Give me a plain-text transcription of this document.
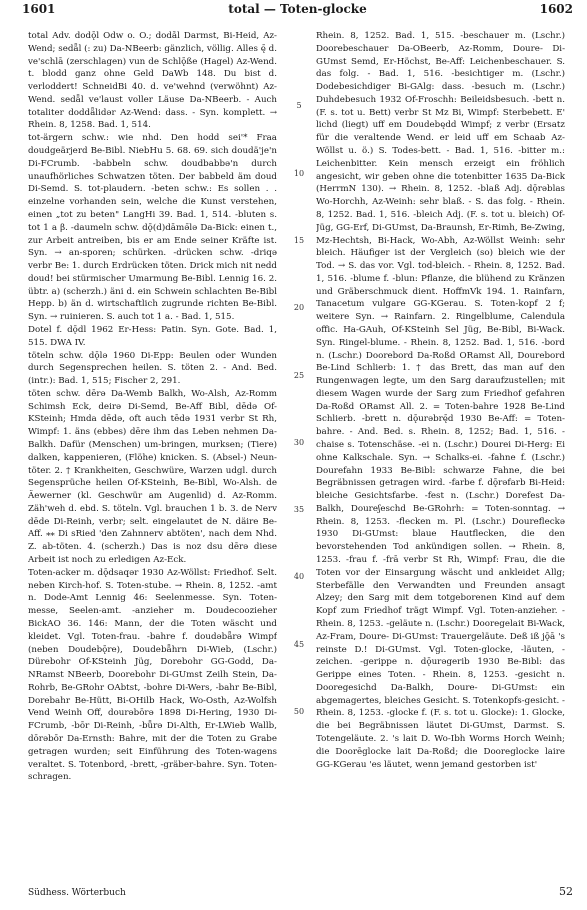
1601	total — Toten-glocke	1602

total Adv. dodǭl Odw o. O.; dodā̇l Darmst, Bi-Heid, Az-Wend; sedǟl (: zu) Da-NBeerb: gänzlich, völlig. Alles ę̄ d. ve'schlā (zerschlagen) vun de Schlǭße (Hagel) Az-Wend. t. blodd ganz ohne Geld DaWb 148. Du bist d. verloddert! SchneidBi 40. d. ve'wehnd (verwöhnt) Az-Wend. sedǟl ve'laust voller Läuse Da-NBeerb. - Auch totaliter doddǟlidǝr Az-Wend: dass. - Syn. komplett. → Rhein. 8, 1258. Bad. 1, 514.

tot-ärgern schw.: wie nhd. Den hodd sei'* Fraa doudgeärjerd Be-Bibl. NiebHu 5. 68. 69. sich doudä'je'n Di-FCrumb. -babbeln schw. doudbabbǝ'n durch unaufhörliches Schwatzen töten. Der babbeld äm doud Di-Semd. S. tot-plaudern. -beten schw.: Es sollen . . einzelne vorhanden sein, welche die Kunst verstehen, einen „tot zu beten" LangHi 39. Bad. 1, 514. -bluten s. tot 1 a β. -daumeln schw. dǭ(d)dāmǝ̄lǝ Da-Bick: einen t., zur Arbeit antreiben, bis er am Ende seiner Kräfte ist. Syn. → an-sporen; schürken. -drücken schw. -driqǝ verbr Be: 1. durch Erdrücken töten. Drick mich nit nedd doud! bei stürmischer Umarmung Be-Bibl. Lennig 16. 2. übtr. a) (scherzh.) äni d. ein Schwein schlachten Be-Bibl Hepp. b) än d. wirtschaftlich zugrunde richten Be-Bibl. Syn. → ruinieren. S. auch tot 1 a. - Bad. 1, 515.

Dotel f. dǭdl 1962 Er-Hess: Patin. Syn. Gote. Bad. 1, 515. DWA IV.

töteln schw. dǭlǝ 1960 Di-Epp: Beulen oder Wunden durch Segensprechen heilen. S. töten 2. - And. Bed. (intr.): Bad. 1, 515; Fischer 2, 291.

töten schw. dērǝ Da-Wemb Balkh, Wo-Alsh, Az-Romm Schimsh Eck, deirǝ Di-Semd, Be-Aff Bibl, dēdǝ Of-KSteinh; Hmda dēdǝ, oft auch tēdǝ 1931 verbr St Rh, Wimpf: 1. äns (ebbes) dēre ihm das Leben nehmen Da-Balkh. Dafür (Menschen) um-bringen, murksen; (Tiere) dalken, kappenieren, (Flöhe) knicken. S. (Absel-) Neun-töter. 2. † Krankheiten, Geschwüre, Warzen udgl. durch Segensprüche heilen Of-KSteinh, Be-Bibl, Wo-Alsh. de Äewerner (kl. Geschwür am Augenlid) d. Az-Romm. Zäh'weh d. ebd. S. töteln. Vgl. brauchen 1 b. 3. de Nerv dēde Di-Reinh, verbr; selt. eingelautet de N. däire Be-Aff. ⁎⁎ Di sRied 'den Zahnnerv abtöten', nach dem Nhd. Z. ab-töten. 4. (scherzh.) Das is noz dsu dērǝ diese Arbeit ist noch zu erledigen Az-Eck.

Toten-acker m. dǭdsaqǝr 1930 Az-Wöllst: Friedhof. Selt. neben Kirch-hof. S. Toten-stube. → Rhein. 8, 1252. -amt n. Dode-Amt Lennig 46: Seelenmesse. Syn. Toten-messe, Seelen-amt. -anzieher m. Doudecoozieher BickAO 36. 146: Mann, der die Toten wäscht und kleidet. Vgl. Toten-frau. -bahre f. doudǝbǟrǝ Wimpf (neben Doudebǭre), Doudebǟhrn Di-Wieb, (Lschr.) Dürebohr Of-KSteinh Jüg, Dorebohr GG-Godd, Da-NRamst NBeerb, Doorebohr Di-GUmst Zeilh Stein, Da-Rohrb, Be-GRohr OAbtst, -bohre Di-Wers, -bahr Be-Bibl, Dorebahr Be-Hütt, Bi-OHilb Hack, Wo-Osth, Az-Wolfsh Vend Weinh Off, dourǝbōrǝ 1898 Di-Hering, 1930 Di-FCrumb, -bōr Di-Reinh, -bǖrǝ Di-Alth, Er-LWieb Wallb, dōrǝbōr Da-Ernsth: Bahre, mit der die Toten zu Grabe getragen wurden; seit Einführung des Toten-wagens veraltet. S. Totenbord, -brett, -gräber-bahre. Syn. Toten-schragen.

5
10
15
20
25
30
35
40
45
50

Rhein. 8, 1252. Bad. 1, 515. -beschauer m. (Lschr.) Doorebeschauer Da-OBeerb, Az-Romm, Doure- Di-GUmst Semd, Er-Höchst, Be-Aff: Leichenbeschauer. S. das folg. - Bad. 1, 516. -besichtiger m. (Lschr.) Dodebesichdiger Bi-GAlg: dass. -besuch m. (Lschr.) Duhdebesuch 1932 Of-Froschh: Beileidsbesuch. -bett n. (F. s. tot u. Bett) verbr St Mz Bi, Wimpf: Sterbebett. E' lichd (liegt) uff em Doudebędd Wimpf; z verbr (Ersatz für die veraltende Wend. er leid uff em Schaab Az-Wöllst u. ö.) S. Todes-bett. - Bad. 1, 516. -bitter m.: Leichenbitter. Kein mensch erzeigt ein fröhlich angesicht, wir geben ohne die totenbitter 1635 Da-Bick (HerrmN 130). → Rhein. 8, 1252. -blaß Adj. dǭrǝblas Wo-Horchh, Az-Weinh: sehr blaß. - S. das folg. - Rhein. 8, 1252. Bad. 1, 516. -bleich Adj. (F. s. tot u. bleich) Of-Jüg, GG-Erf, Di-GUmst, Da-Braunsh, Er-Rimh, Be-Zwing, Mz-Hechtsh, Bi-Hack, Wo-Abh, Az-Wöllst Weinh: sehr bleich. Häufiger ist der Vergleich (so) bleich wie der Tod. → S. das vor. Vgl. tod-bleich. - Rhein. 8, 1252. Bad. 1, 516. -blume f. -blun: Pflanze, die blühend zu Kränzen und Gräberschmuck dient. HoffmVk 194. 1. Rainfarn, Tanacetum vulgare GG-KGerau. S. Toten-kopf 2 f; weitere Syn. → Rainfarn. 2. Ringelblume, Calendula offic. Ha-GAuh, Of-KSteinh Sel Jüg, Be-Bibl, Bi-Wack. Syn. Ringel-blume. - Rhein. 8, 1252. Bad. 1, 516. -bord n. (Lschr.) Doorebord Da-Roßd ORamst All, Dourebord Be-Lind Schlierb: 1. † das Brett, das man auf den Rungenwagen legte, um den Sarg daraufzustellen; mit diesem Wagen wurde der Sarg zum Friedhof gefahren Da-Roßd ORamst All. 2. = Toten-bahre 1928 Be-Lind Schlierb. -brett n. dǭurǝbrę̄d 1930 Be-Aff: = Toten-bahre. - And. Bed. s. Rhein. 8, 1252; Bad. 1, 516. -chaise s. Totenschäse. -ei n. (Lschr.) Dourei Di-Herg: Ei ohne Kalkschale. Syn. → Schalks-ei. -fahne f. (Lschr.) Dourefahn 1933 Be-Bibl: schwarze Fahne, die bei Begräbnissen getragen wird. -farbe f. dǭrǝfarb Bi-Heid: bleiche Gesichtsfarbe. -fest n. (Lschr.) Dorefest Da-Balkh, Doureʃeschd Be-GRohrh: = Toten-sonntag. → Rhein. 8, 1253. -flecken m. Pl. (Lschr.) Dourefleckǝ 1930 Di-GUmst: blaue Hautflecken, die den bevorstehenden Tod ankündigen sollen. → Rhein. 8, 1253. -frau f. -frā verbr St Rh, Wimpf: Frau, die die Toten vor der Einsargung wäscht und ankleidet Allg; Sterbefälle den Verwandten und Freunden ansagt Alzey; den Sarg mit dem totgeborenen Kind auf dem Kopf zum Friedhof trägt Wimpf. Vgl. Toten-anzieher. - Rhein. 8, 1253. -geläute n. (Lschr.) Dooregelait Bi-Wack, Az-Fram, Doure- Di-GUmst: Trauergeläute. Deß iß jǭā 's reinste D.! Di-GUmst. Vgl. Toten-glocke, -läuten, -zeichen. -gerippe n. dǭurǝgerib 1930 Be-Bibl: das Gerippe eines Toten. - Rhein. 8, 1253. -gesicht n. Dooregesichd Da-Balkh, Doure- Di-GUmst: ein abgemagertes, bleiches Gesicht. S. Totenkopfs-gesicht. - Rhein. 8, 1253. -glocke f. (F. s. tot u. Glocke): 1. Glocke, die bei Begräbnissen läutet Di-GUmst, Darmst. S. Totengeläute. 2. 's lait D. Wo-Ibh Worms Horch Weinh; die Doorēglocke lait Da-Roßd; die Dooreglocke laire GG-KGerau 'es läutet, wenn jemand gestorben ist'

Südhess. Wörterbuch	52
